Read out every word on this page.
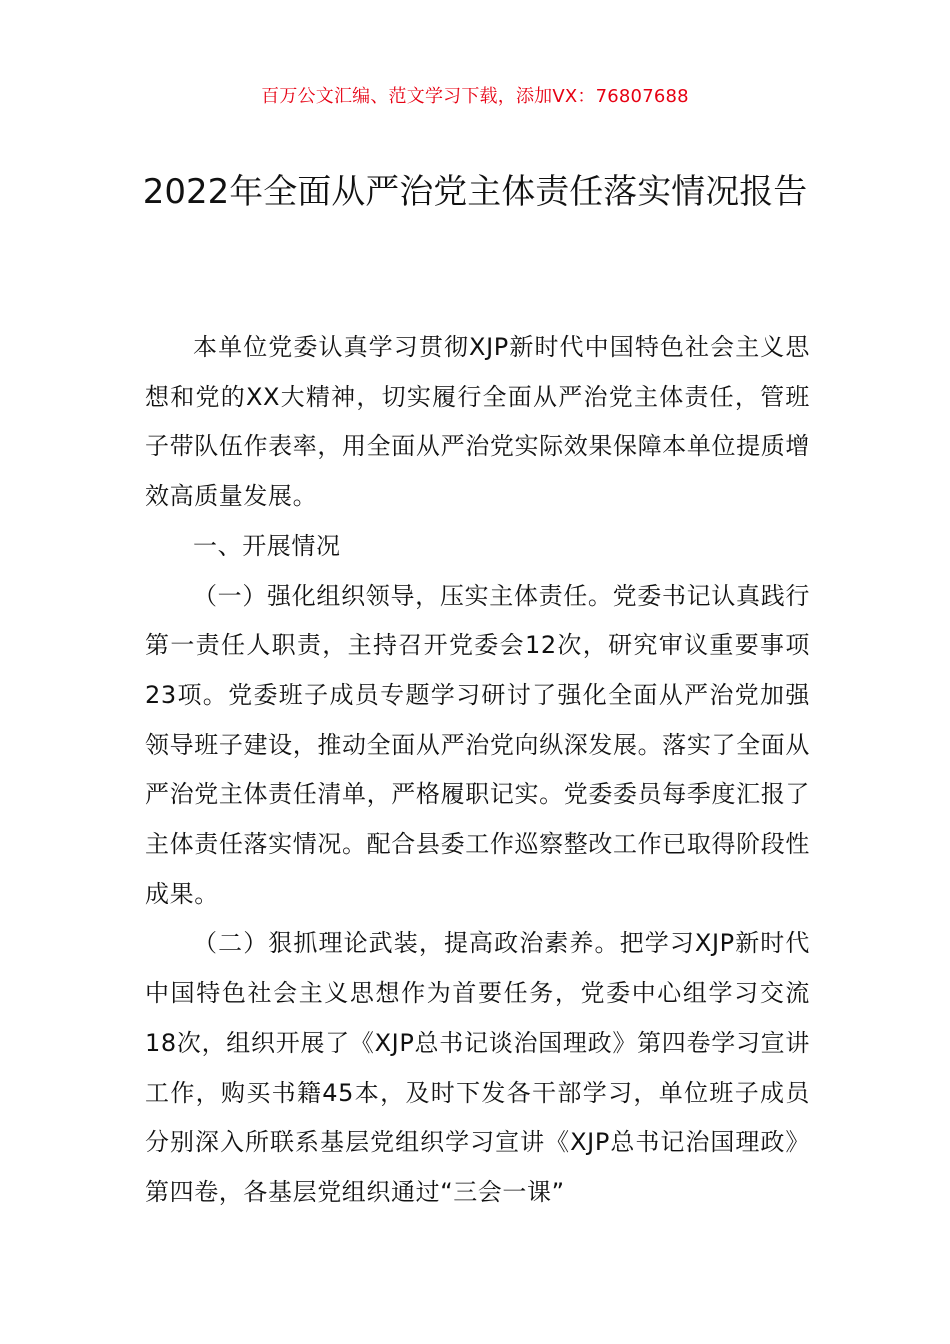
百万公文汇编、范文学习下载，添加VX：76807688
2022年全面从严治党主体责任落实情况报告

本单位党委认真学习贯彻XJP新时代中国特色社会主义思想和党的XX大精神，切实履行全面从严治党主体责任，管班子带队伍作表率，用全面从严治党实际效果保障本单位提质增效高质量发展。

一、开展情况

（一）强化组织领导，压实主体责任。党委书记认真践行第一责任人职责，主持召开党委会12次，研究审议重要事项23项。党委班子成员专题学习研讨了强化全面从严治党加强领导班子建设，推动全面从严治党向纵深发展。落实了全面从严治党主体责任清单，严格履职记实。党委委员每季度汇报了主体责任落实情况。配合县委工作巡察整改工作已取得阶段性成果。

（二）狠抓理论武装，提高政治素养。把学习XJP新时代中国特色社会主义思想作为首要任务，党委中心组学习交流18次，组织开展了《XJP总书记谈治国理政》第四卷学习宣讲工作，购买书籍45本，及时下发各干部学习，单位班子成员分别深入所联系基层党组织学习宣讲《XJP总书记治国理政》第四卷，各基层党组织通过“三会一课”
